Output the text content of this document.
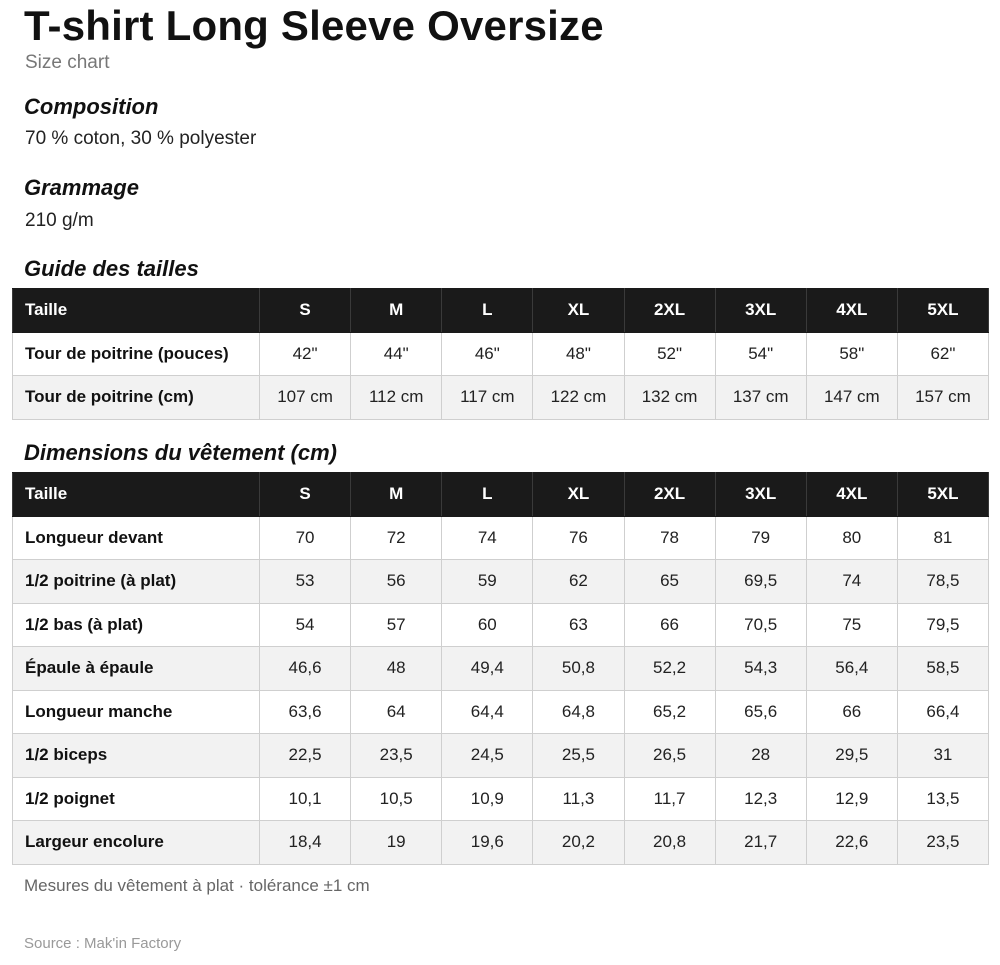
T-shirt Long Sleeve Oversize
Size chart
Composition
70 % coton, 30 % polyester
Grammage
210 g/m
Guide des tailles
Taille	S	M	L	XL	2XL	3XL	4XL	5XL
Tour de poitrine (pouces)	42"	44"	46"	48"	52"	54"	58"	62"
Tour de poitrine (cm)	107 cm	112 cm	117 cm	122 cm	132 cm	137 cm	147 cm	157 cm
Dimensions du vêtement (cm)
Taille	S	M	L	XL	2XL	3XL	4XL	5XL
Longueur devant	70	72	74	76	78	79	80	81
1/2 poitrine (à plat)	53	56	59	62	65	69,5	74	78,5
1/2 bas (à plat)	54	57	60	63	66	70,5	75	79,5
Épaule à épaule	46,6	48	49,4	50,8	52,2	54,3	56,4	58,5
Longueur manche	63,6	64	64,4	64,8	65,2	65,6	66	66,4
1/2 biceps	22,5	23,5	24,5	25,5	26,5	28	29,5	31
1/2 poignet	10,1	10,5	10,9	11,3	11,7	12,3	12,9	13,5
Largeur encolure	18,4	19	19,6	20,2	20,8	21,7	22,6	23,5
Mesures du vêtement à plat · tolérance ±1 cm
Source : Mak'in Factory
